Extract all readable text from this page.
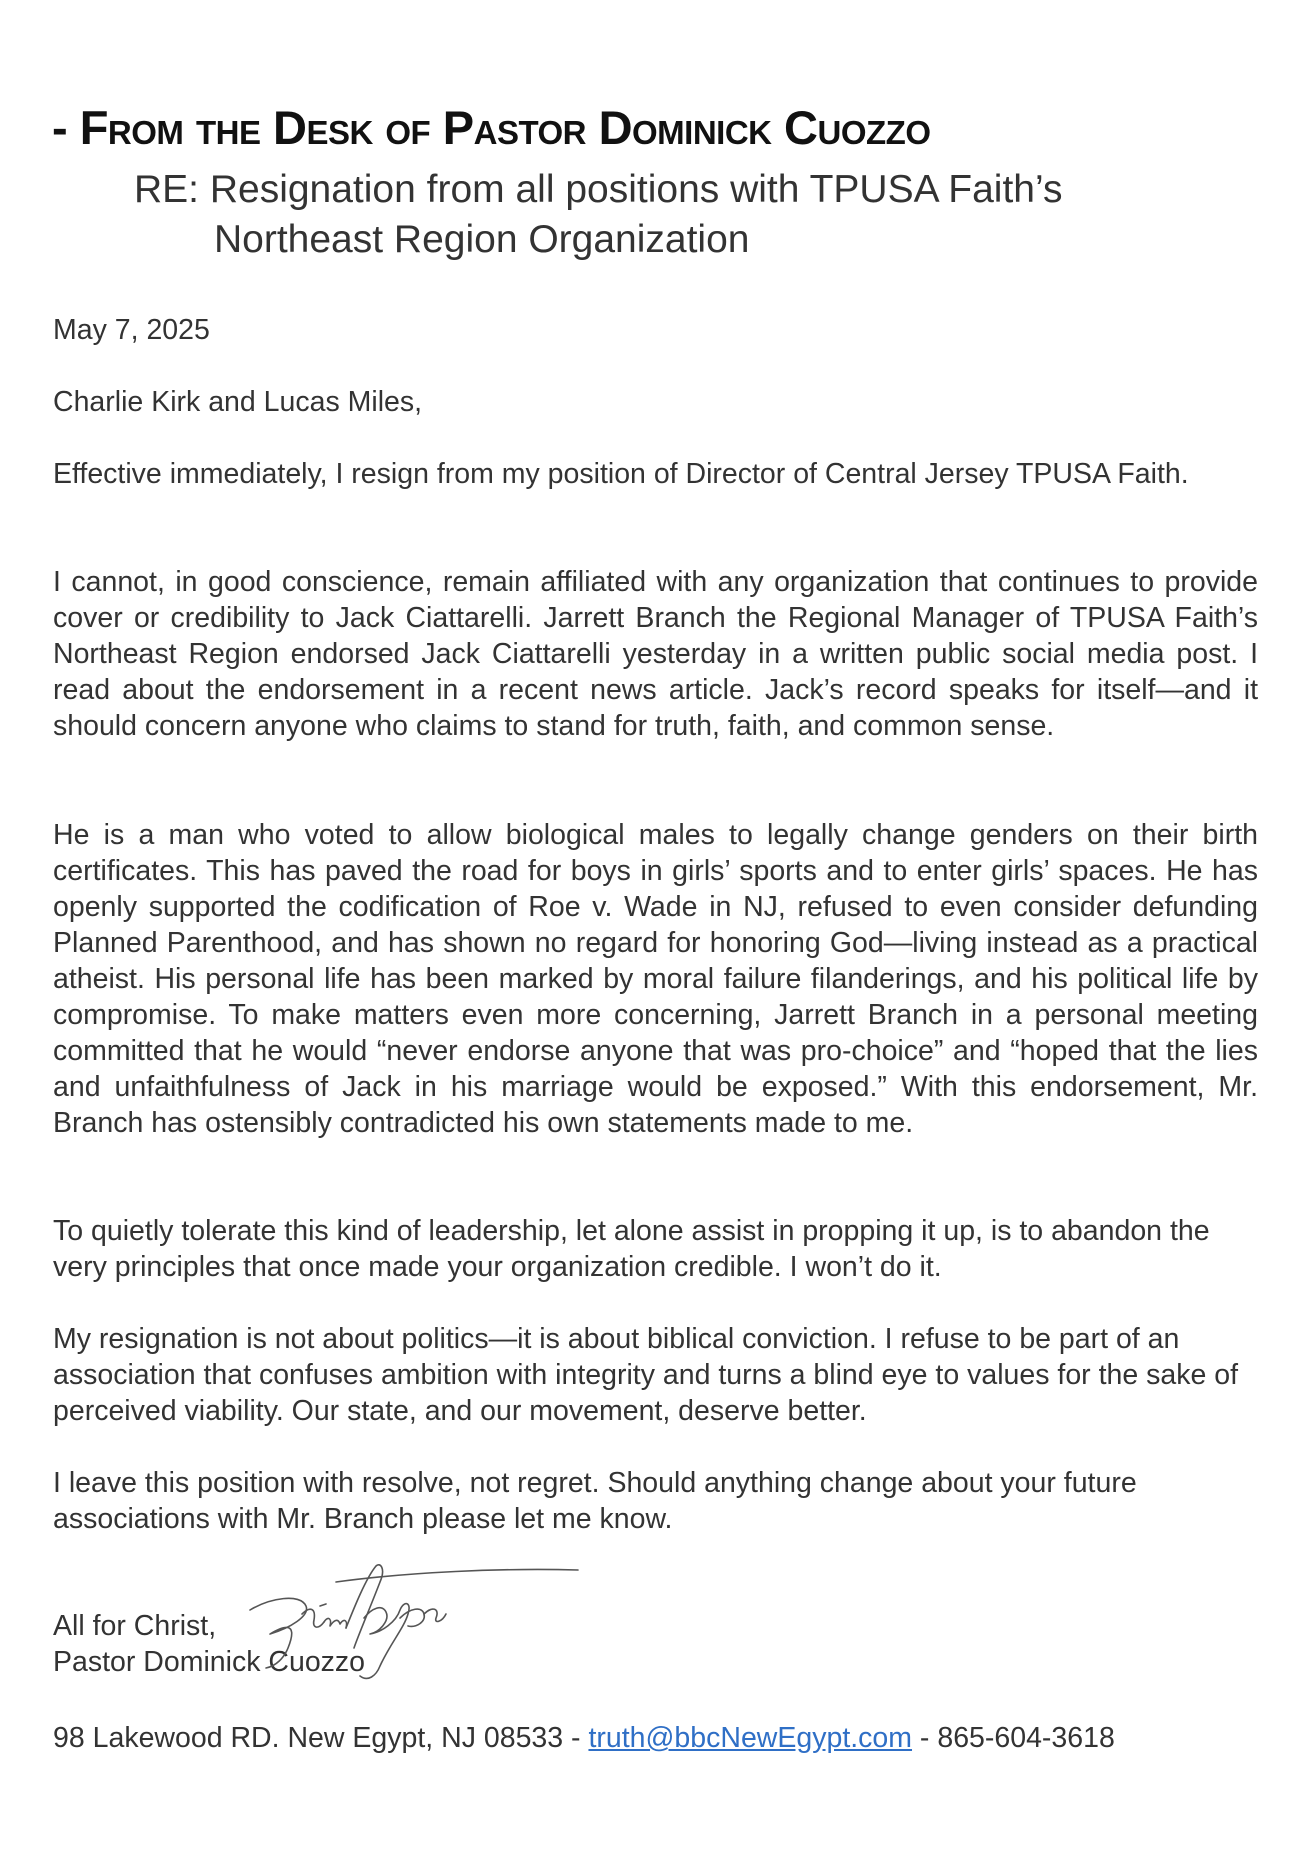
- From the Desk of Pastor Dominick Cuozzo
RE: Resignation from all positions with TPUSA Faith’s
Northeast Region Organization
May 7, 2025
Charlie Kirk and Lucas Miles,
Effective immediately, I resign from my position of Director of Central Jersey TPUSA Faith.
I cannot, in good conscience, remain affiliated with any organization that continues to provide cover or credibility to Jack Ciattarelli. Jarrett Branch the Regional Manager of TPUSA Faith’s Northeast Region endorsed Jack Ciattarelli yesterday in a written public social media post. I read about the endorsement in a recent news article. Jack’s record speaks for itself—and it should concern anyone who claims to stand for truth, faith, and common sense.
He is a man who voted to allow biological males to legally change genders on their birth certificates. This has paved the road for boys in girls’ sports and to enter girls’ spaces. He has openly supported the codification of Roe v. Wade in NJ, refused to even consider defunding Planned Parenthood, and has shown no regard for honoring God—living instead as a practical atheist. His personal life has been marked by moral failure filanderings, and his political life by compromise. To make matters even more concerning, Jarrett Branch in a personal meeting committed that he would “never endorse anyone that was pro-choice” and “hoped that the lies and unfaithfulness of Jack in his marriage would be exposed.” With this endorsement, Mr. Branch has ostensibly contradicted his own statements made to me.
To quietly tolerate this kind of leadership, let alone assist in propping it up, is to abandon the very principles that once made your organization credible. I won’t do it.
My resignation is not about politics—it is about biblical conviction. I refuse to be part of an association that confuses ambition with integrity and turns a blind eye to values for the sake of perceived viability. Our state, and our movement, deserve better.
I leave this position with resolve, not regret. Should anything change about your future associations with Mr. Branch please let me know.
All for Christ,
Pastor Dominick Cuozzo
98 Lakewood RD. New Egypt, NJ 08533 - truth@bbcNewEgypt.com - 865-604-3618
